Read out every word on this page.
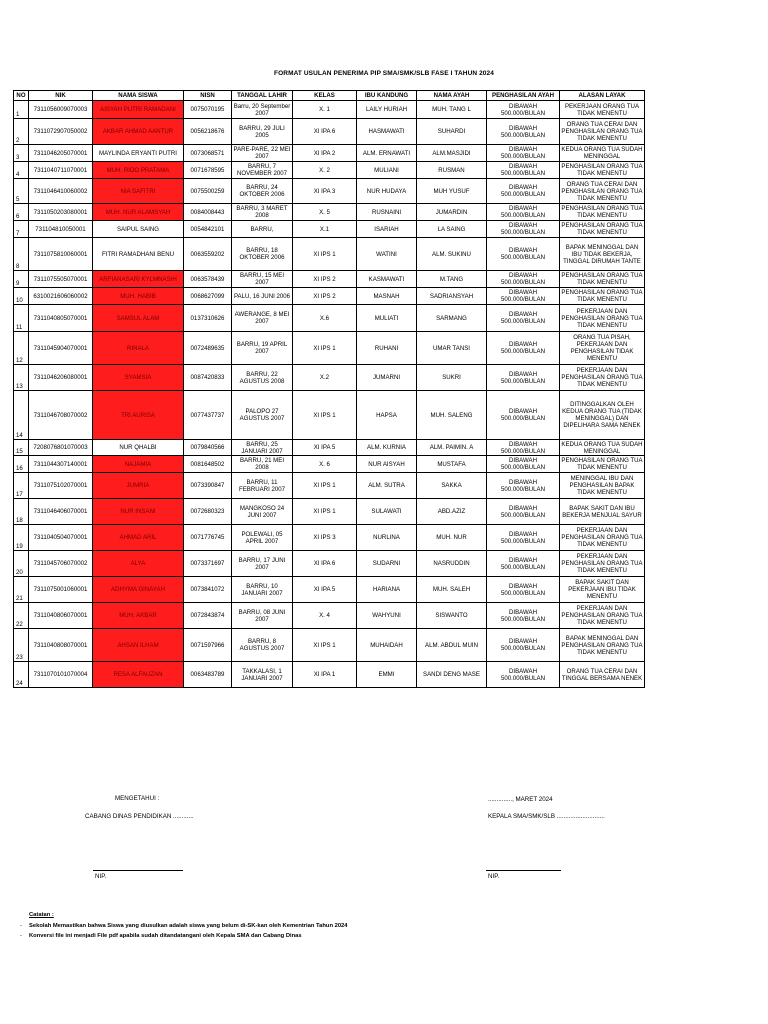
FORMAT USULAN PENERIMA PIP SMA/SMK/SLB FASE I TAHUN 2024
NO	NIK	NAMA SISWA	NISN	TANGGAL LAHIR	KELAS	IBU KANDUNG	NAMA AYAH	PENGHASILAN AYAH	ALASAN LAYAK
1	7311056009070003	AISYAH PUTRI RAMADANI	0075070195	Barru, 20 September 2007	X. 1	LAILY HURIAH	MUH. TANG L	DIBAWAH 500.000/BULAN	PEKERJAAN ORANG TUA TIDAK MENENTU
2	7311072907050002	AKBAR AHMAD AANTUR	0056218676	BARRU, 29 JULI 2005	XI IPA 6	HASMAWATI	SUHARDI	DIBAWAH 500.000/BULAN	ORANG TUA CERAI DAN PENGHASILAN ORANG TUA TIDAK MENENTU
3	7311046205070001	MAYLINDA ERYANTI PUTRI	0073068571	PARE-PARE, 22 MEI 2007	XI IPA 2	ALM. ERNAWATI	ALM.MASJIDI	DIBAWAH 500.000/BULAN	KEDUA ORANG TUA SUDAH MENINGGAL
4	7311040711070001	MUH. RIDO PRATAMA	0071678595	BARRU, 7 NOVEMBER 2007	X. 2	MULIANI	RUSMAN	DIBAWAH 500.000/BULAN	PENGHASILAN ORANG TUA TIDAK MENENTU
5	7311046410060002	NIA SAFITRI	0075500259	BARRU, 24 OKTOBER 2006	XI IPA 3	NUR HUDAYA	MUH YUSUF	DIBAWAH 500.000/BULAN	ORANG TUA CERAI DAN PENGHASILAN ORANG TUA TIDAK MENENTU
6	7311050203080001	MUH. NUR ALAMSYAH	0084008443	BARRU, 3 MARET 2008	X. 5	RUSNAINI	JUMARDIN	DIBAWAH 500.000/BULAN	PENGHASILAN ORANG TUA TIDAK MENENTU
7	731104810050001	SAIPUL SAING	0054842101	BARRU,	X.1	ISARIAH	LA SAING	DIBAWAH 500.000/BULAN	PENGHASILAN ORANG TUA TIDAK MENENTU
8	7311075810060001	FITRI RAMADHANI BENU	0063559202	BARRU, 18 OKTOBER 2006	XI IPS 1	WATINI	ALM. SUKINU	DIBAWAH 500.000/BULAN	BAPAK MENINGGAL DAN IBU TIDAK BEKERJA, TINGGAL DIRUMAH TANTE
9	7311075505070001	ARFIANASARI KYLMNASIH	0063578439	BARRU, 15 MEI 2007	XI IPS 2	KASMAWATI	M.TANG	DIBAWAH 500.000/BULAN	PENGHASILAN ORANG TUA TIDAK MENENTU
10	6310021606060002	MUH. HABIB	0068627099	PALU, 16 JUNI 2006	XI IPS 2	MASNAH	SADRIANSYAH	DIBAWAH 500.000/BULAN	PENGHASILAN ORANG TUA TIDAK MENENTU
11	7311040805070001	SAMSUL ALAM	0137310626	AWERANGE, 8 MEI 2007	X.6	MULIATI	SARMANG	DIBAWAH 500.000/BULAN	PEKERJAAN DAN PENGHASILAN ORANG TUA TIDAK MENENTU
12	7311045904070001	RINALA	0072489635	BARRU, 19 APRIL 2007	XI IPS 1	RUHANI	UMAR TANSI	DIBAWAH 500.000/BULAN	ORANG TUA PISAH, PEKERJAAN DAN PENGHASILAN TIDAK MENENTU
13	7311046206080001	SYAMSIA	0087420833	BARRU, 22 AGUSTUS 2008	X.2	JUMARNI	SUKRI	DIBAWAH 500.000/BULAN	PEKERJAAN DAN PENGHASILAN ORANG TUA TIDAK MENENTU
14	7311046708070002	TRI AURISA	0077437737	PALOPO 27 AGUSTUS 2007	XI IPS 1	HAPSA	MUH. SALENG	DIBAWAH 500.000/BULAN	DITINGGALKAN OLEH KEDUA ORANG TUA (TIDAK MENINGGAL) DAN DIPELIHARA SAMA NENEK
15	7208076801070003	NUR QHALBI	0079840566	BARRU, 25 JANUARI 2007	XI IPA 5	ALM. KURNIA	ALM. PAIMIN. A	DIBAWAH 500.000/BULAN	KEDUA ORANG TUA SUDAH MENINGGAL
16	7311044307140001	NAJAMIA	0081648502	BARRU, 21 MEI 2008	X. 6	NUR AISYAH	MUSTAFA	DIBAWAH 500.000/BULAN	PENGHASILAN ORANG TUA TIDAK MENENTU
17	7311075102070001	JUMRIA	0073390847	BARRU, 11 FEBRUARI 2007	XI IPS 1	ALM. SUTRA	SAKKA	DIBAWAH 500.000/BULAN	MENINGGAL IBU DAN PENGHASILAN BAPAK TIDAK MENENTU
18	7311046406070001	NUR INSANI	0072680323	MANGKOSO 24 JUNI 2007	XI IPS 1	SULAWATI	ABD.AZIZ	DIBAWAH 500.000/BULAN	BAPAK SAKIT DAN IBU BEKERJA MENJUAL SAYUR
19	7311040504070001	AHMAD ARIL	0071776745	POLEWALI, 05 APRIL 2007	XI IPS 3	NURLINA	MUH. NUR	DIBAWAH 500.000/BULAN	PEKERJAAN DAN PENGHASILAN ORANG TUA TIDAK MENENTU
20	7311045706070002	ALYA	0073371697	BARRU, 17 JUNI 2007	XI IPA 6	SUDARNI	NASRUDDIN	DIBAWAH 500.000/BULAN	PEKERJAAN DAN PENGHASILAN ORANG TUA TIDAK MENENTU
21	7311075001060001	ADHYMA GINAYAH	0073841072	BARRU, 10 JANUARI 2007	XI IPA 5	HARIANA	MUH. SALEH	DIBAWAH 500.000/BULAN	BAPAK SAKIT DAN PEKERJAAN IBU TIDAK MENENTU
22	7311040806070001	MUH. AKBAR	0072843874	BARRU, 08 JUNI 2007	X. 4	WAHYUNI	SISWANTO	DIBAWAH 500.000/BULAN	PEKERJAAN DAN PENGHASILAN ORANG TUA TIDAK MENENTU
23	7311040808070001	AHSAN ILHAM	0071597966	BARRU, 8 AGUSTUS 2007	XI IPS 1	MUHAIDAH	ALM. ABDUL MUIN	DIBAWAH 500.000/BULAN	BAPAK MENINGGAL DAN PENGHASILAN ORANG TUA TIDAK MENENTU
24	7311070101070004	RESA ALFAUZAN	0063483789	TAKKALASI, 1 JANUARI 2007	XI IPA 1	EMMI	SANDI DENG MASE	DIBAWAH 500.000/BULAN	ORANG TUA CERAI DAN TINGGAL BERSAMA NENEK
MENGETAHUI :
CABANG DINAS PENDIDIKAN ............
NIP.
.............., MARET 2024
KEPALA SMA/SMK/SLB ............................
NIP.
Catatan :
- Sekolah Memastikan bahwa Siswa yang diusulkan adalah siswa yang belum di-SK-kan oleh Kementrian Tahun 2024
- Konversi file ini menjadi File pdf apabila sudah ditandatangani oleh Kepala SMA dan Cabang Dinas
